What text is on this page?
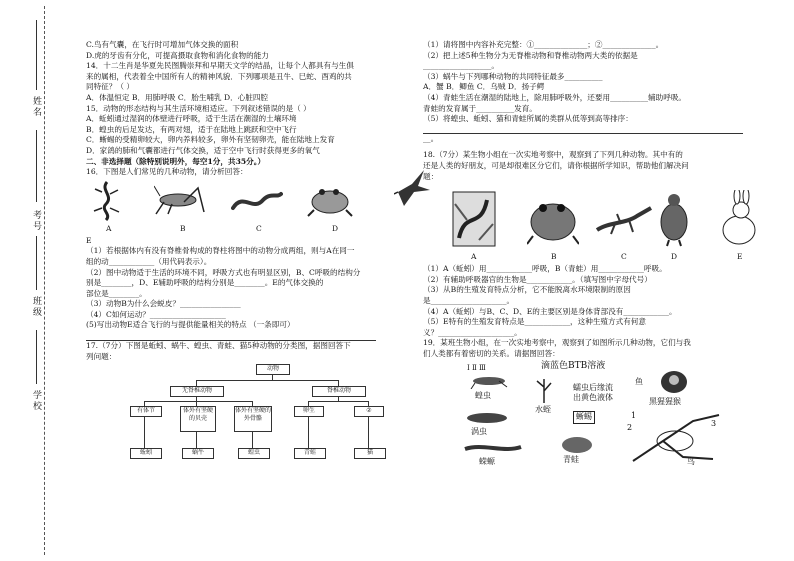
姓名
考号
班级
学校

C.鸟有气囊，在飞行时可增加气体交换的面积

D.虎的牙齿有分化，可提高摄取食物和消化食物的能力

14．十二生肖是华夏先民图腾崇拜和早期天文学的结晶，让每个人都具有与生俱

来的属相，代表着全中国所有人的精神风貌．下列哪项是丑牛、巳蛇、酉鸡的共

同特征？（ ）

A．体温恒定 B．用肺呼吸 C．胎生哺乳 D．心脏四腔

15．动物的形态结构与其生活环境相适应。下列叙述错误的是（ ）

A．蚯蚓通过湿润的体壁进行呼吸，适于生活在潮湿的土壤环境

B．蝗虫的后足发达，有两对翅，适于在陆地上跳跃和空中飞行

C．蜥蜴的受精卵较大，卵内养料较多，卵外有坚韧卵壳，能在陆地上发育

D．家鸽的肺和气囊都进行气体交换，适于空中飞行时获得更多的氧气

二、非选择题（除特别说明外，每空1分，共35分。）

16．下图是人们常见的几种动物，请分析回答：

A	B	C	D

E

（1）若根据体内有没有脊椎骨构成的脊柱将图中的动物分成两组，则与A在同一

组的动____________（用代码表示）。

（2）图中动物适于生活的环境不同，呼吸方式也有明显区别，B、C呼吸的结构分

别是________，D、E辅助呼吸的结构分别是________。E的气体交换的

部位是________。

（3）动物B为什么会蜕皮？________________

（4）C如何运动？____________________

(5)写出动物E适合飞行的与提供能量相关的特点 （一条即可）

17.（7分）下图是蚯蚓、蜗牛、蝗虫、青蛙、猫5种动物的分类图，据图回答下

列问题：

动物
无脊椎动物	脊椎动物
有体节	体外有坚硬的贝壳
体外有坚硬的外骨骼
卵生	②
蚯蚓	蜗牛	蝗虫	青蛙	猫

（1）请将图中内容补充完整：①______________；②______________。

（2）把上述5种生物分为无脊椎动物和脊椎动物两大类的依据是

__________________。

（3）蜗牛与下列哪种动物的共同特征最多__________

A．蟹 B．鲫鱼 C．乌贼 D．扬子鳄

（4）青蛙生活在潮湿的陆地上，除用肺呼吸外，还要用__________辅助呼吸。

青蛙的发育属于__________发育。

（5）将蝗虫、蚯蚓、猫和青蛙所属的类群从低等到高等排序：

__。

18.（7分）某生物小组在一次实地考察中，观察到了下列几种动物。其中有的

还是人类的好朋友，可是却很难区分它们，请你根据所学知识，帮助他们解决问

题：

A	B	C	D	E

（1）A（蚯蚓）用____________呼吸，B（青蛙）用____________呼吸。

（2）有辅助呼吸器官的生物是____________。（填写图中字母代号）

（3）从B的生殖发育特点分析，它不能脱离水环境限制的原因

是____________________。

（4）A（蚯蚓）与B、C、D、E的主要区别是身体背部没有____________。

（5）E特有的生殖发育特点是____________，这种生殖方式有何意

义？____________________。

19．某班生物小组，在一次实地考察中，观察到了如图所示几种动物，它们与我

们人类都有着密切的关系。请据图回答：

Ⅰ Ⅱ Ⅲ	滴蓝色BTB溶液
鱼
蝗虫
水蛭
蠕虫后缘流
出黄色液体	黑猩猩猴
涡虫
蜥蜴
蝾螈	青蛙
1
2	3
鸟
